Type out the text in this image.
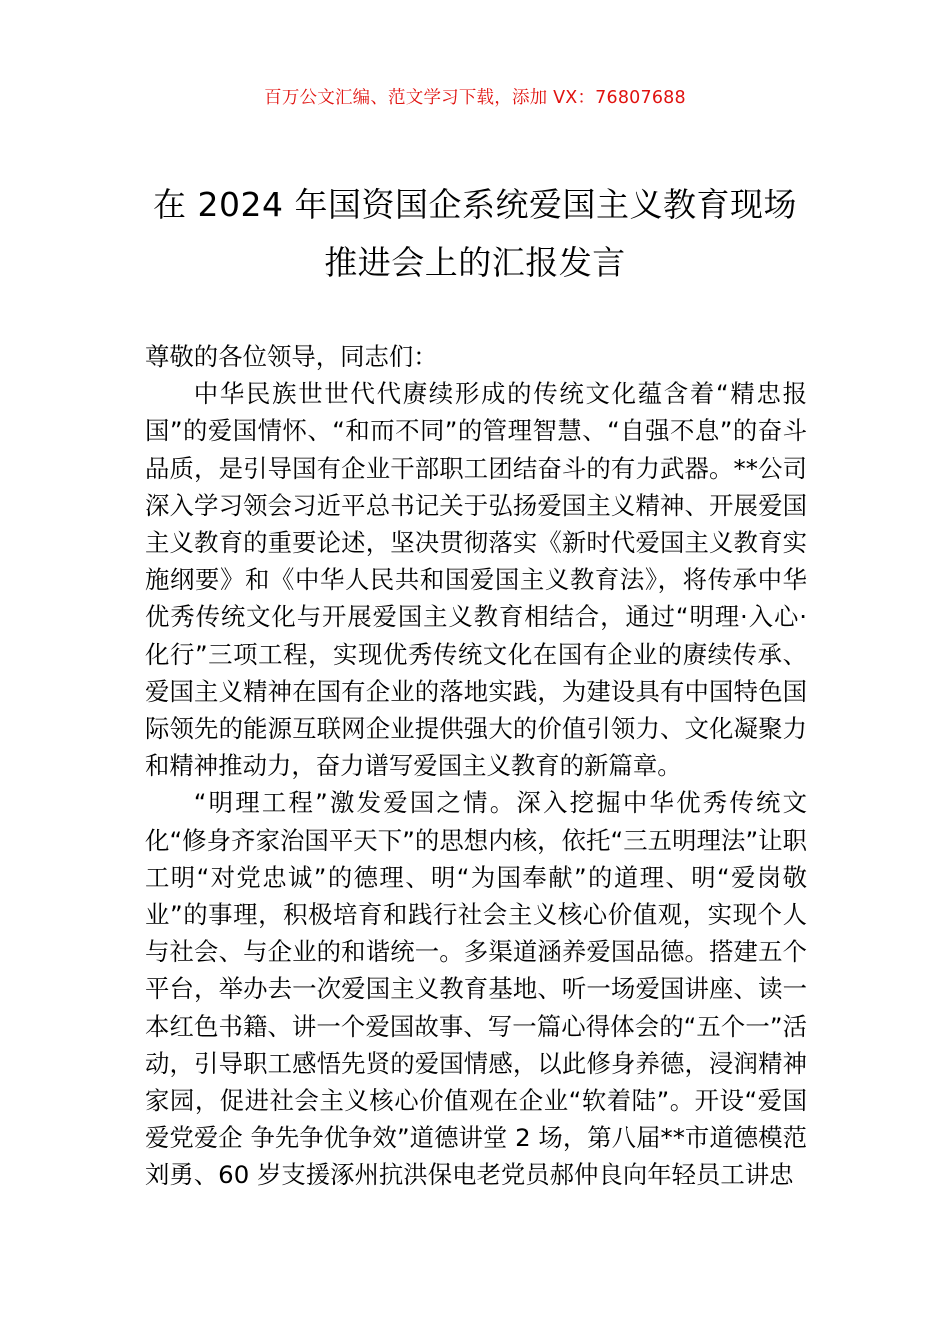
百万公文汇编、范文学习下载，添加 VX：76807688
在 2024 年国资国企系统爱国主义教育现场
推进会上的汇报发言

尊敬的各位领导，同志们：

中华民族世世代代赓续形成的传统文化蕴含着“精忠报国”的爱国情怀、“和而不同”的管理智慧、“自强不息”的奋斗品质，是引导国有企业干部职工团结奋斗的有力武器。**公司深入学习领会习近平总书记关于弘扬爱国主义精神、开展爱国主义教育的重要论述，坚决贯彻落实《新时代爱国主义教育实施纲要》和《中华人民共和国爱国主义教育法》，将传承中华优秀传统文化与开展爱国主义教育相结合，通过“明理·入心·化行”三项工程，实现优秀传统文化在国有企业的赓续传承、爱国主义精神在国有企业的落地实践，为建设具有中国特色国际领先的能源互联网企业提供强大的价值引领力、文化凝聚力和精神推动力，奋力谱写爱国主义教育的新篇章。

“明理工程”激发爱国之情。深入挖掘中华优秀传统文化“修身齐家治国平天下”的思想内核，依托“三五明理法”让职工明“对党忠诚”的德理、明“为国奉献”的道理、明“爱岗敬业”的事理，积极培育和践行社会主义核心价值观，实现个人与社会、与企业的和谐统一。多渠道涵养爱国品德。搭建五个平台，举办去一次爱国主义教育基地、听一场爱国讲座、读一本红色书籍、讲一个爱国故事、写一篇心得体会的“五个一”活动，引导职工感悟先贤的爱国情感，以此修身养德，浸润精神家园，促进社会主义核心价值观在企业“软着陆”。开设“爱国爱党爱企 争先争优争效”道德讲堂 2 场，第八届**市道德模范刘勇、60 岁支援涿州抗洪保电老党员郝仲良向年轻员工讲忠
